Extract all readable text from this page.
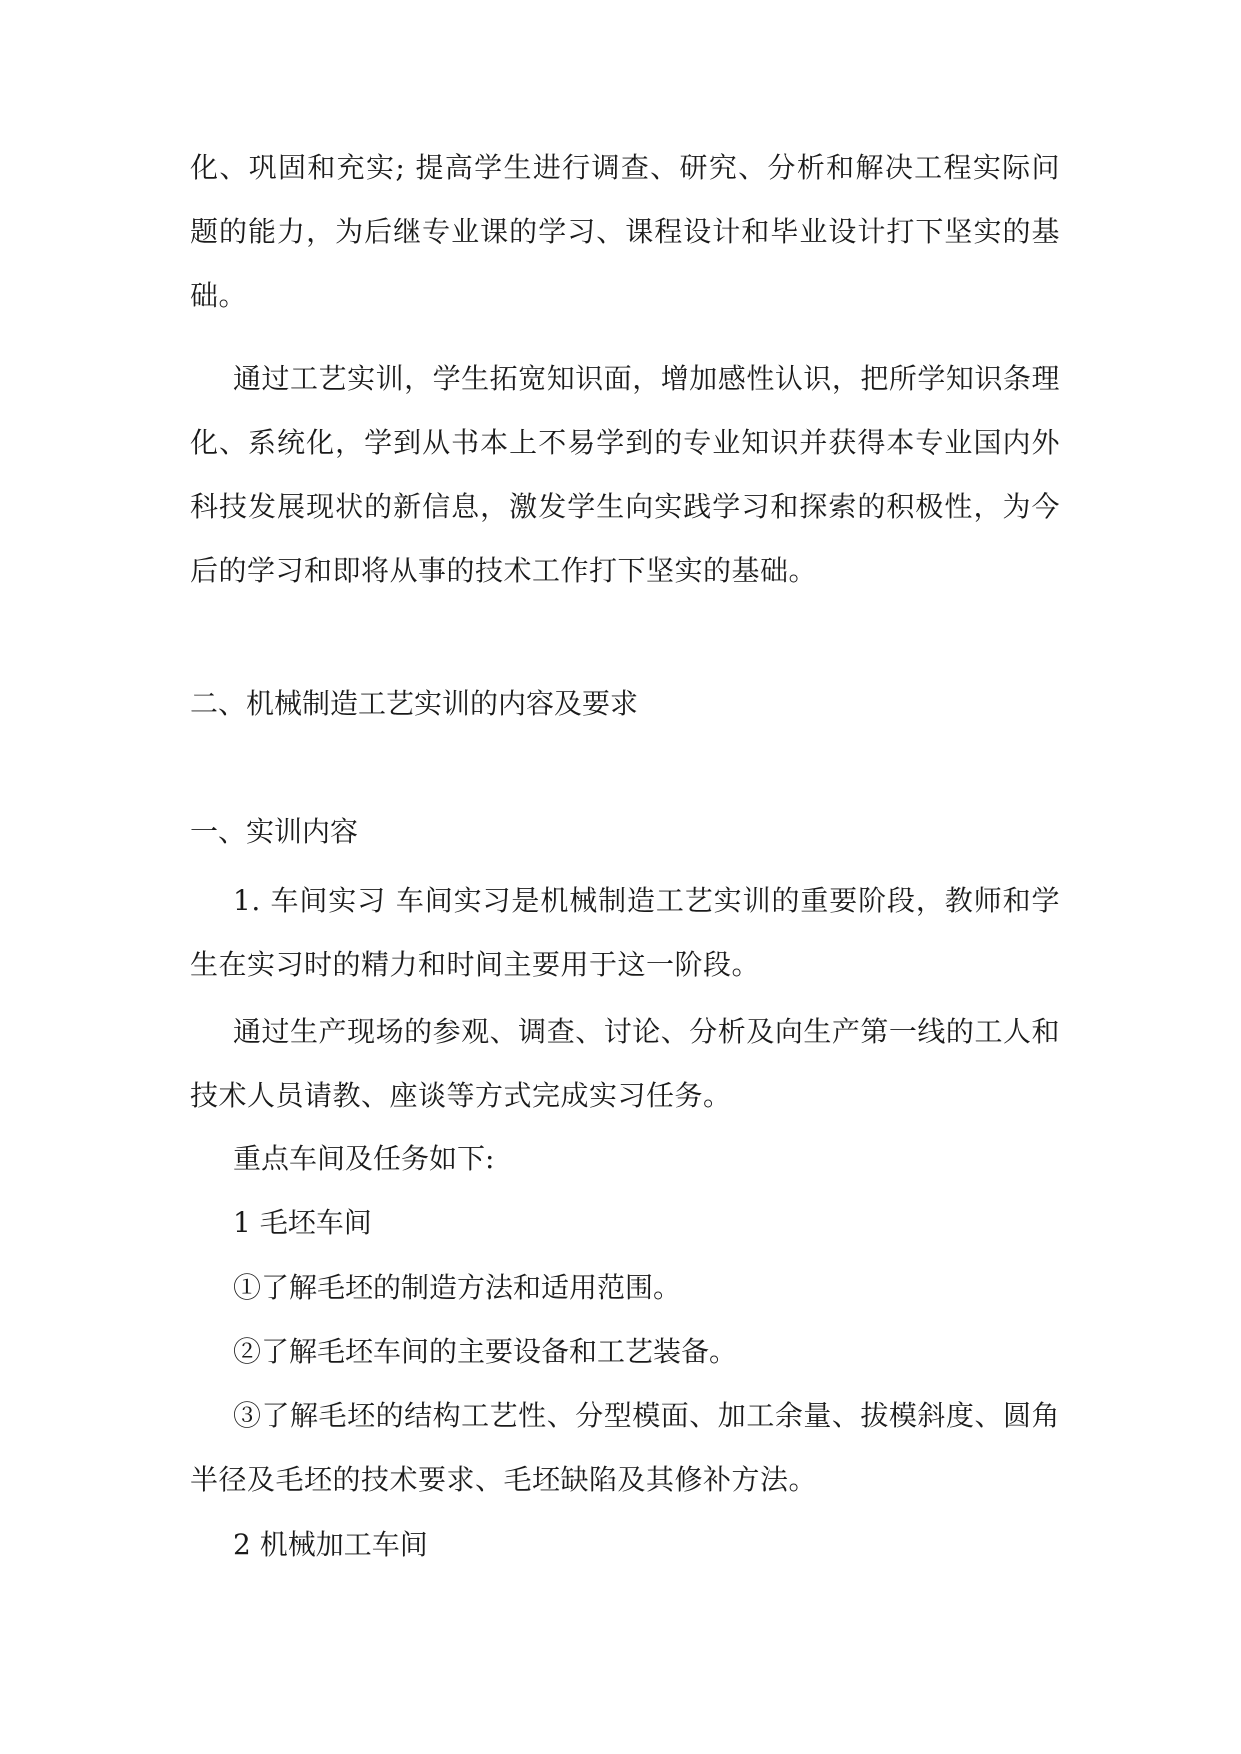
化、巩固和充实; 提高学生进行调查、研究、分析和解决工程实际问题的能力，为后继专业课的学习、课程设计和毕业设计打下坚实的基础。

通过工艺实训，学生拓宽知识面，增加感性认识，把所学知识条理化、系统化，学到从书本上不易学到的专业知识并获得本专业国内外科技发展现状的新信息，激发学生向实践学习和探索的积极性，为今后的学习和即将从事的技术工作打下坚实的基础。

二、机械制造工艺实训的内容及要求
一、实训内容

1. 车间实习 车间实习是机械制造工艺实训的重要阶段，教师和学生在实习时的精力和时间主要用于这一阶段。

通过生产现场的参观、调查、讨论、分析及向生产第一线的工人和技术人员请教、座谈等方式完成实习任务。

重点车间及任务如下:
1 毛坯车间
①了解毛坯的制造方法和适用范围。
②了解毛坯车间的主要设备和工艺装备。

③了解毛坯的结构工艺性、分型模面、加工余量、拔模斜度、圆角半径及毛坯的技术要求、毛坯缺陷及其修补方法。

2 机械加工车间
